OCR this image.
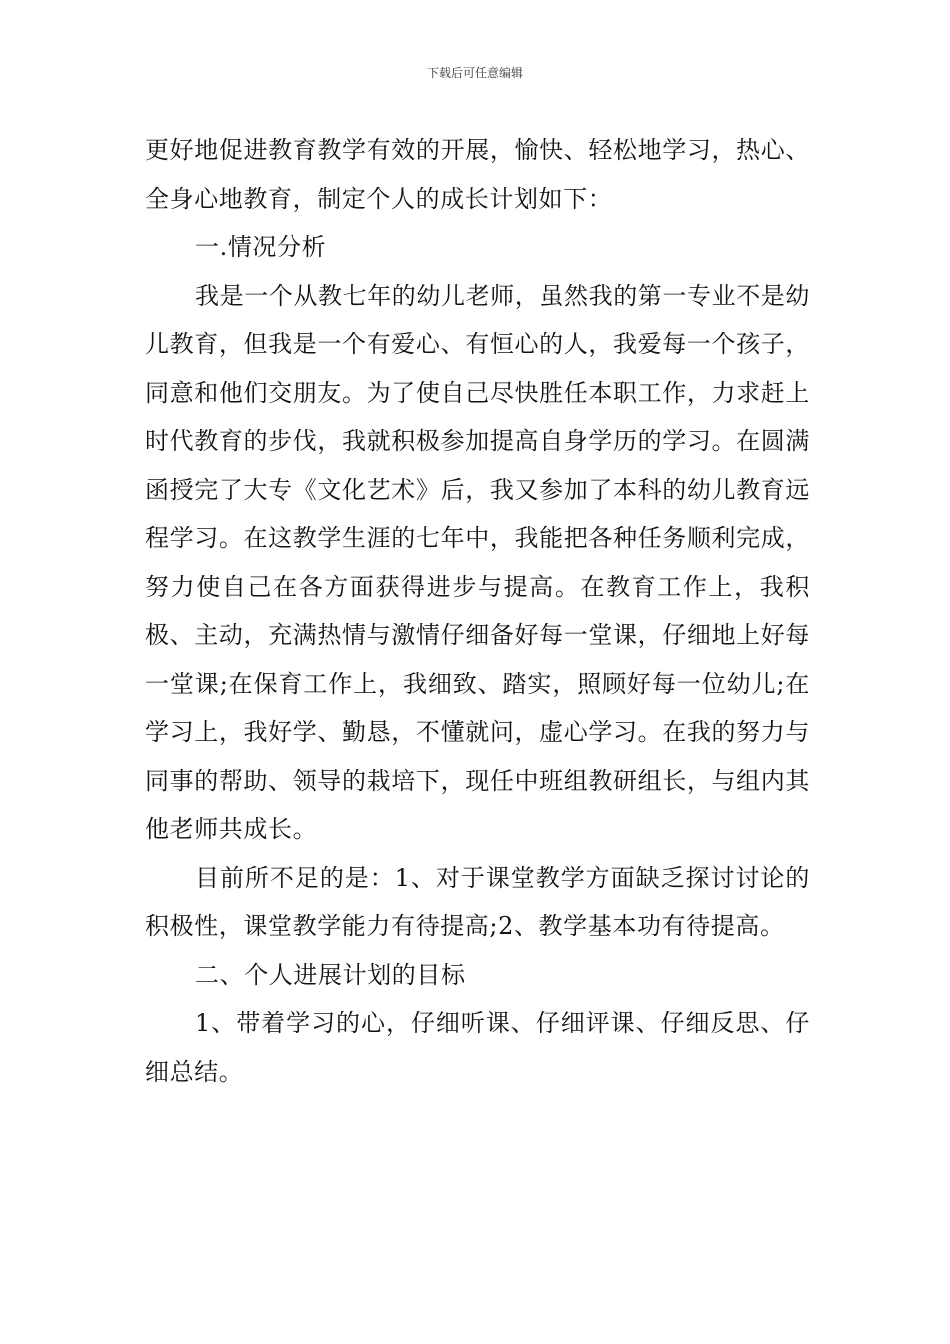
下载后可任意编辑

更好地促进教育教学有效的开展，愉快、轻松地学习，热心、全身心地教育，制定个人的成长计划如下：

一.情况分析

我是一个从教七年的幼儿老师，虽然我的第一专业不是幼儿教育，但我是一个有爱心、有恒心的人，我爱每一个孩子，同意和他们交朋友。为了使自己尽快胜任本职工作，力求赶上时代教育的步伐，我就积极参加提高自身学历的学习。在圆满函授完了大专《文化艺术》后，我又参加了本科的幼儿教育远程学习。在这教学生涯的七年中，我能把各种任务顺利完成，努力使自己在各方面获得进步与提高。在教育工作上，我积极、主动，充满热情与激情仔细备好每一堂课，仔细地上好每一堂课;在保育工作上，我细致、踏实，照顾好每一位幼儿;在学习上，我好学、勤恳，不懂就问，虚心学习。在我的努力与同事的帮助、领导的栽培下，现任中班组教研组长，与组内其他老师共成长。

目前所不足的是：1、对于课堂教学方面缺乏探讨讨论的积极性，课堂教学能力有待提高;2、教学基本功有待提高。

二、个人进展计划的目标

1、带着学习的心，仔细听课、仔细评课、仔细反思、仔细总结。
